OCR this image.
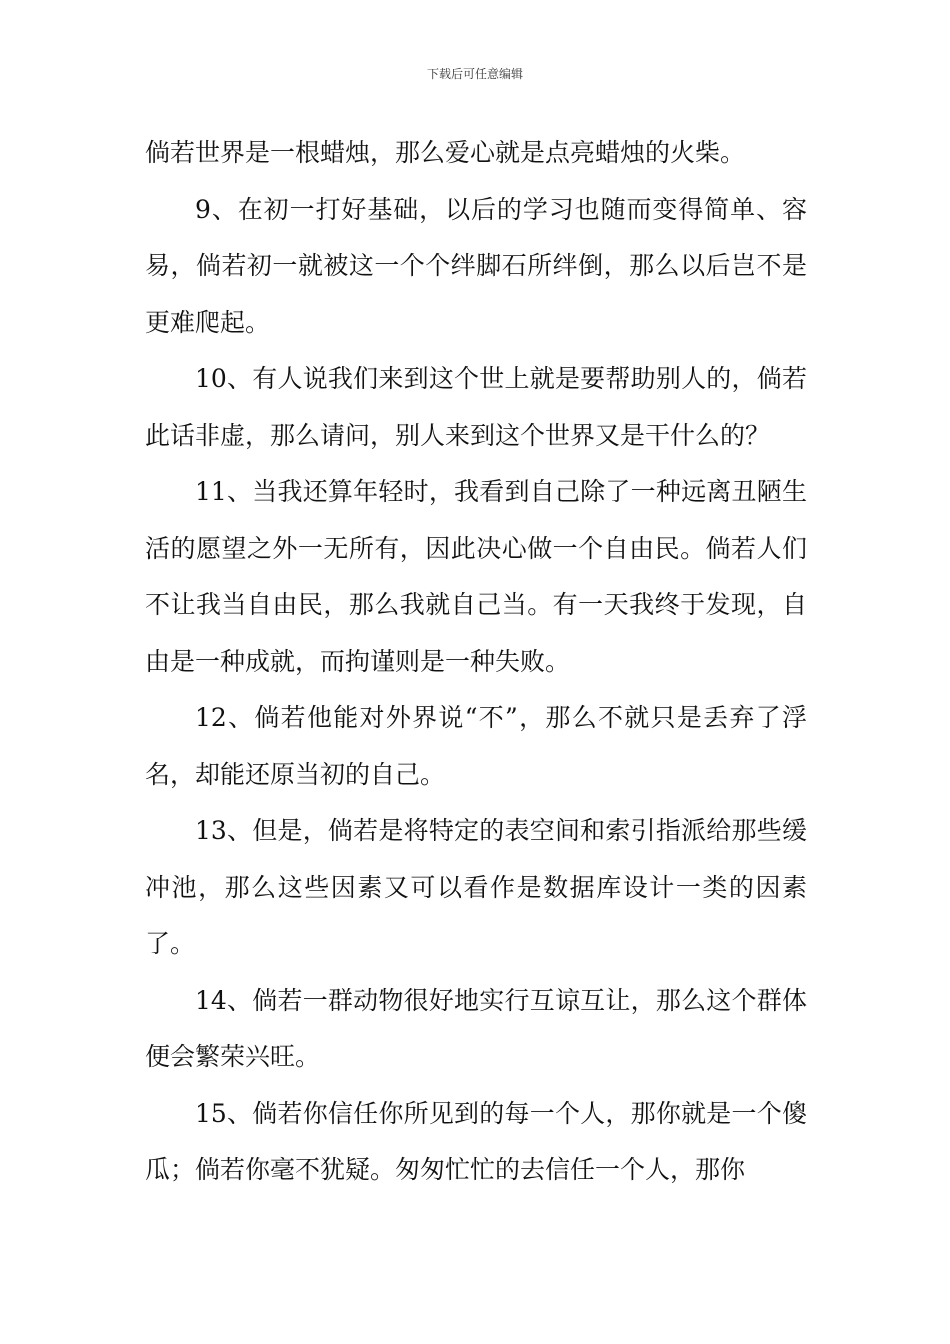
下载后可任意编辑

倘若世界是一根蜡烛，那么爱心就是点亮蜡烛的火柴。

9、在初一打好基础，以后的学习也随而变得简单、容易，倘若初一就被这一个个绊脚石所绊倒，那么以后岂不是更难爬起。

10、有人说我们来到这个世上就是要帮助别人的，倘若此话非虚，那么请问，别人来到这个世界又是干什么的？

11、当我还算年轻时，我看到自己除了一种远离丑陋生活的愿望之外一无所有，因此决心做一个自由民。倘若人们不让我当自由民，那么我就自己当。有一天我终于发现，自由是一种成就，而拘谨则是一种失败。

12、倘若他能对外界说“不”，那么不就只是丢弃了浮名，却能还原当初的自己。

13、但是，倘若是将特定的表空间和索引指派给那些缓冲池，那么这些因素又可以看作是数据库设计一类的因素了。

14、倘若一群动物很好地实行互谅互让，那么这个群体便会繁荣兴旺。

15、倘若你信任你所见到的每一个人，那你就是一个傻瓜；倘若你毫不犹疑。匆匆忙忙的去信任一个人，那你
